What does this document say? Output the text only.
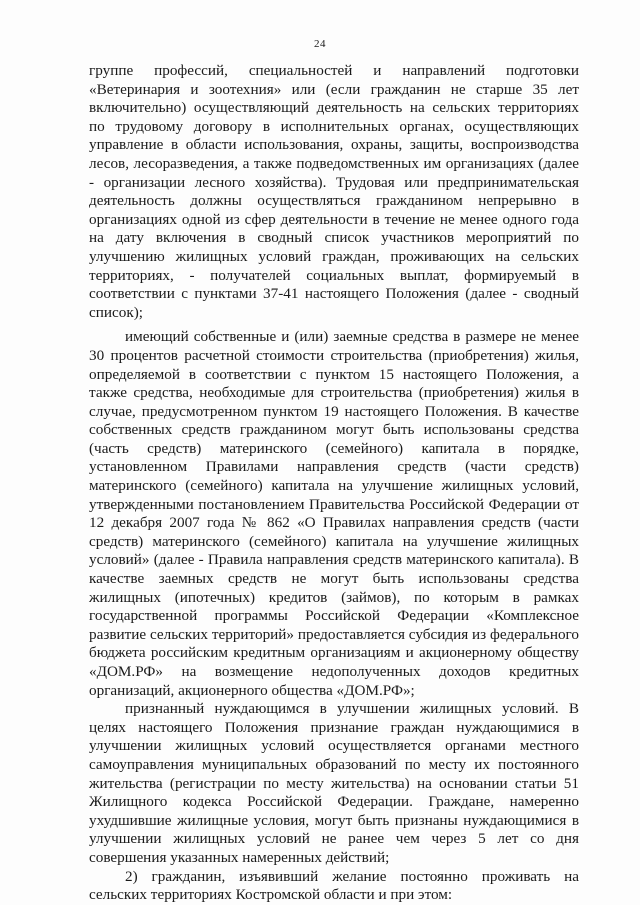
24

группе профессий, специальностей и направлений подготовки «Ветеринария и зоотехния» или (если гражданин не старше 35 лет включительно) осуществляющий деятельность на сельских территориях по трудовому договору в исполнительных органах, осуществляющих управление в области использования, охраны, защиты, воспроизводства лесов, лесоразведения, а также подведомственных им организациях (далее - организации лесного хозяйства). Трудовая или предпринимательская деятельность должны осуществляться гражданином непрерывно в организациях одной из сфер деятельности в течение не менее одного года на дату включения в сводный список участников мероприятий по улучшению жилищных условий граждан, проживающих на сельских территориях, - получателей социальных выплат, формируемый в соответствии с пунктами 37-41 настоящего Положения (далее - сводный список);

имеющий собственные и (или) заемные средства в размере не менее 30 процентов расчетной стоимости строительства (приобретения) жилья, определяемой в соответствии с пунктом 15 настоящего Положения, а также средства, необходимые для строительства (приобретения) жилья в случае, предусмотренном пунктом 19 настоящего Положения. В качестве собственных средств гражданином могут быть использованы средства (часть средств) материнского (семейного) капитала в порядке, установленном Правилами направления средств (части средств) материнского (семейного) капитала на улучшение жилищных условий, утвержденными постановлением Правительства Российской Федерации от 12 декабря 2007 года № 862 «О Правилах направления средств (части средств) материнского (семейного) капитала на улучшение жилищных условий» (далее - Правила направления средств материнского капитала). В качестве заемных средств не могут быть использованы средства жилищных (ипотечных) кредитов (займов), по которым в рамках государственной программы Российской Федерации «Комплексное развитие сельских территорий» предоставляется субсидия из федерального бюджета российским кредитным организациям и акционерному обществу «ДОМ.РФ» на возмещение недополученных доходов кредитных организаций, акционерного общества «ДОМ.РФ»;

признанный нуждающимся в улучшении жилищных условий. В целях настоящего Положения признание граждан нуждающимися в улучшении жилищных условий осуществляется органами местного самоуправления муниципальных образований по месту их постоянного жительства (регистрации по месту жительства) на основании статьи 51 Жилищного кодекса Российской Федерации. Граждане, намеренно ухудшившие жилищные условия, могут быть признаны нуждающимися в улучшении жилищных условий не ранее чем через 5 лет со дня совершения указанных намеренных действий;

2) гражданин, изъявивший желание постоянно проживать на сельских территориях Костромской области и при этом:
